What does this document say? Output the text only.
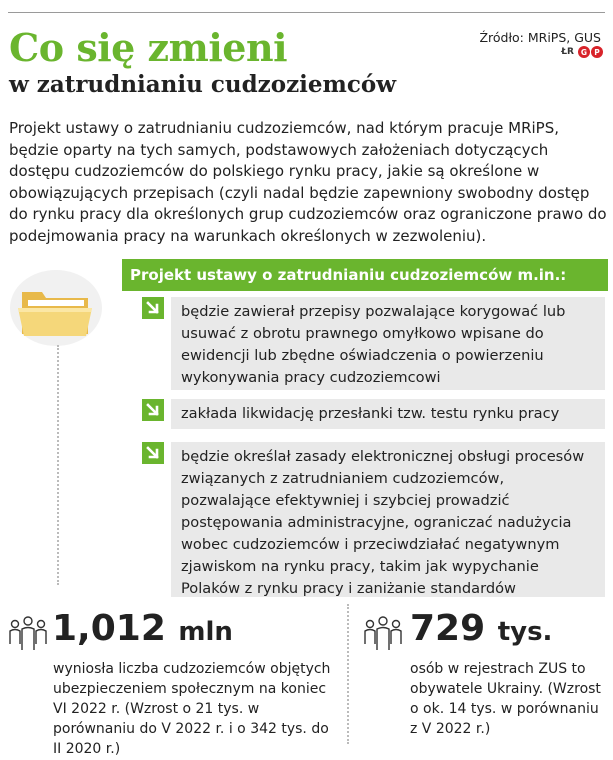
Źródło: MRiPS, GUS
ŁR G P
Co się zmieni
w zatrudnianiu cudzoziemców
Projekt ustawy o zatrudnianiu cudzoziemców, nad którym pracuje MRiPS, będzie oparty na tych samych, podstawowych założeniach dotyczących dostępu cudzoziemców do polskiego rynku pracy, jakie są określone w obowiązujących przepisach (czyli nadal będzie zapewniony swobodny dostęp do rynku pracy dla określonych grup cudzoziemców oraz ograniczone prawo do podejmowania pracy na warunkach określonych w zezwoleniu).
Projekt ustawy o zatrudnianiu cudzoziemców m.in.:
będzie zawierał przepisy pozwalające korygować lub usuwać z obrotu prawnego omyłkowo wpisane do ewidencji lub zbędne oświadczenia o powierzeniu wykonywania pracy cudzoziemcowi
zakłada likwidację przesłanki tzw. testu rynku pracy
będzie określał zasady elektronicznej obsługi procesów związanych z zatrudnianiem cudzoziemców, pozwalające efektywniej i szybciej prowadzić postępowania administracyjne, ograniczać nadużycia wobec cudzoziemców i przeciwdziałać negatywnym zjawiskom na rynku pracy, takim jak wypychanie Polaków z rynku pracy i zaniżanie standardów
1,012 mln
wyniosła liczba cudzoziemców objętych ubezpieczeniem społecznym na koniec VI 2022 r. (Wzrost o 21 tys. w porównaniu do V 2022 r. i o 342 tys. do II 2020 r.)
729 tys.
osób w rejestrach ZUS to obywatele Ukrainy. (Wzrost o ok. 14 tys. w porównaniu z V 2022 r.)
